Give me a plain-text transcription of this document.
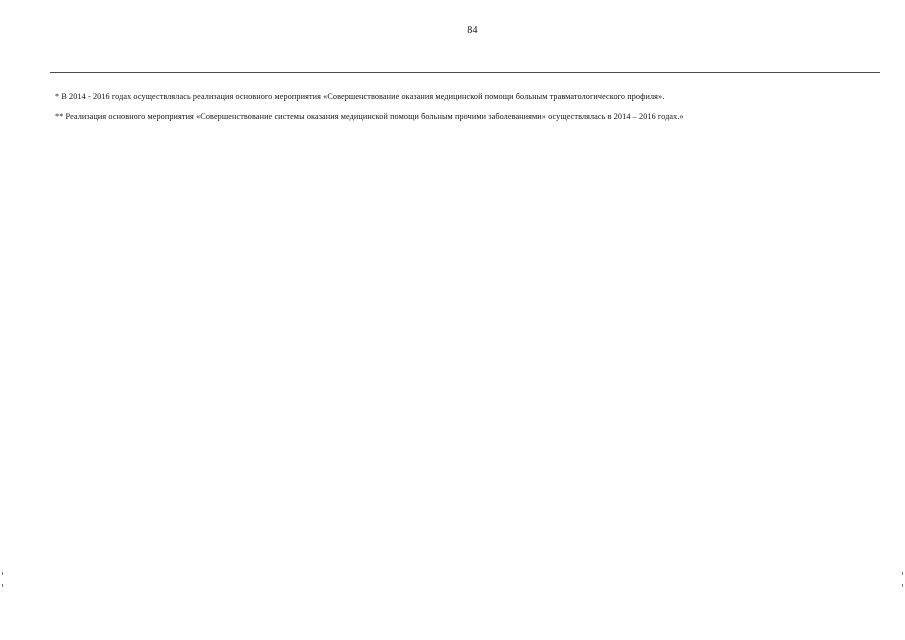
84

* В 2014 - 2016 годах осуществлялась реализация основного мероприятия «Совершенствование оказания медицинской помощи больным травматологического профиля».

** Реализация основного мероприятия «Совершенствование системы оказания медицинской помощи больным прочими заболеваниями» осуществлялась в 2014 – 2016 годах.»
